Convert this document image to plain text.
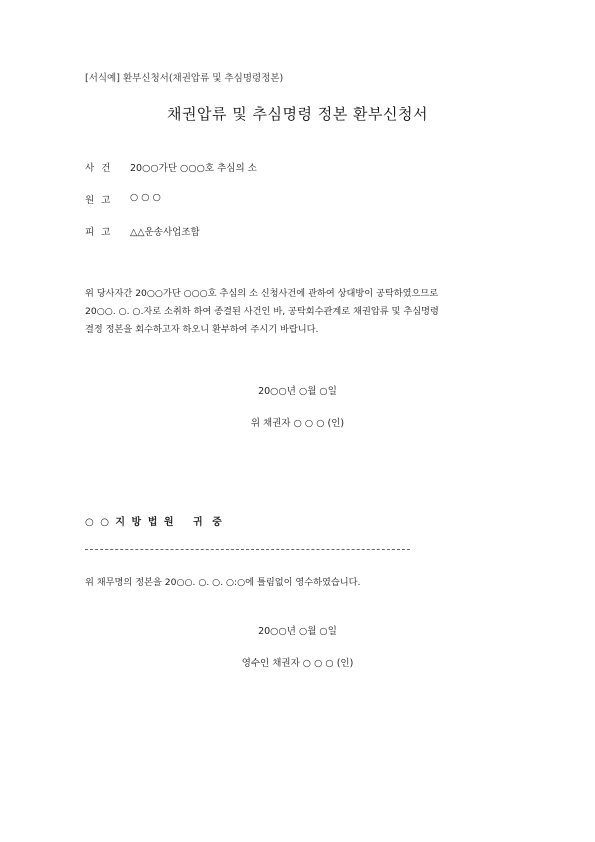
[서식예] 환부신청서(채권압류 및 추심명령정본)
채권압류 및 추심명령 정본 환부신청서
사 건 20○○가단 ○○○호 추심의 소
원 고 ○ ○ ○
피 고 △△운송사업조합
위 당사자간 20○○가단 ○○○호 추심의 소 신청사건에 관하여 상대방이 공탁하였으므로
20○○. ○. ○.자로 소취하 하여 종결된 사건인 바, 공탁회수관계로 채권압류 및 추심명령
결정 정본을 회수하고자 하오니 환부하여 주시기 바랍니다.
20○○년 ○월 ○일
위 채권자 ○ ○ ○ (인)
○ ○ 지 방 법 원 귀 중
위 채무명의 정본을 20○○. ○. ○. ○:○에 틀림없이 영수하였습니다.
20○○년 ○월 ○일
영수인 채권자 ○ ○ ○ (인)
